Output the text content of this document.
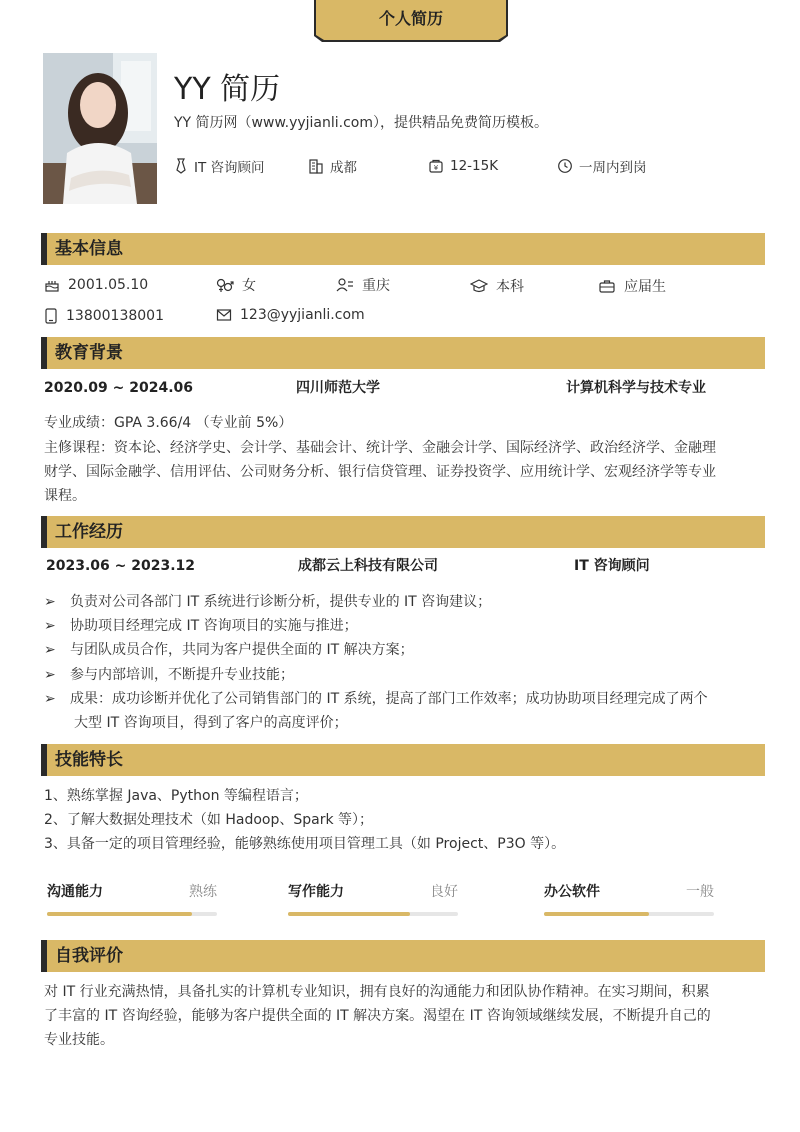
个人简历
YY 简历
YY 简历网（www.yyjianli.com），提供精品免费简历模板。
IT 咨询顾问	成都	¥ 12-15K	一周内到岗
基本信息
2001.05.10	女	重庆	本科	应届生
13800138001	123@yyjianli.com
教育背景
2020.09 ~ 2024.06	四川师范大学	计算机科学与技术专业
专业成绩：GPA 3.66/4 （专业前 5%）
主修课程：资本论、经济学史、会计学、基础会计、统计学、金融会计学、国际经济学、政治经济学、金融理
财学、国际金融学、信用评估、公司财务分析、银行信贷管理、证券投资学、应用统计学、宏观经济学等专业
课程。
工作经历
2023.06 ~ 2023.12	成都云上科技有限公司	IT 咨询顾问
➢ 负责对公司各部门 IT 系统进行诊断分析，提供专业的 IT 咨询建议；
➢ 协助项目经理完成 IT 咨询项目的实施与推进；
➢ 与团队成员合作，共同为客户提供全面的 IT 解决方案；
➢ 参与内部培训，不断提升专业技能；
➢ 成果：成功诊断并优化了公司销售部门的 IT 系统，提高了部门工作效率；成功协助项目经理完成了两个
大型 IT 咨询项目，得到了客户的高度评价；
技能特长
1、熟练掌握 Java、Python 等编程语言；
2、了解大数据处理技术（如 Hadoop、Spark 等）；
3、具备一定的项目管理经验，能够熟练使用项目管理工具（如 Project、P3O 等）。
沟通能力	熟练	写作能力	良好	办公软件	一般
自我评价
对 IT 行业充满热情，具备扎实的计算机专业知识，拥有良好的沟通能力和团队协作精神。在实习期间，积累
了丰富的 IT 咨询经验，能够为客户提供全面的 IT 解决方案。渴望在 IT 咨询领域继续发展，不断提升自己的
专业技能。
